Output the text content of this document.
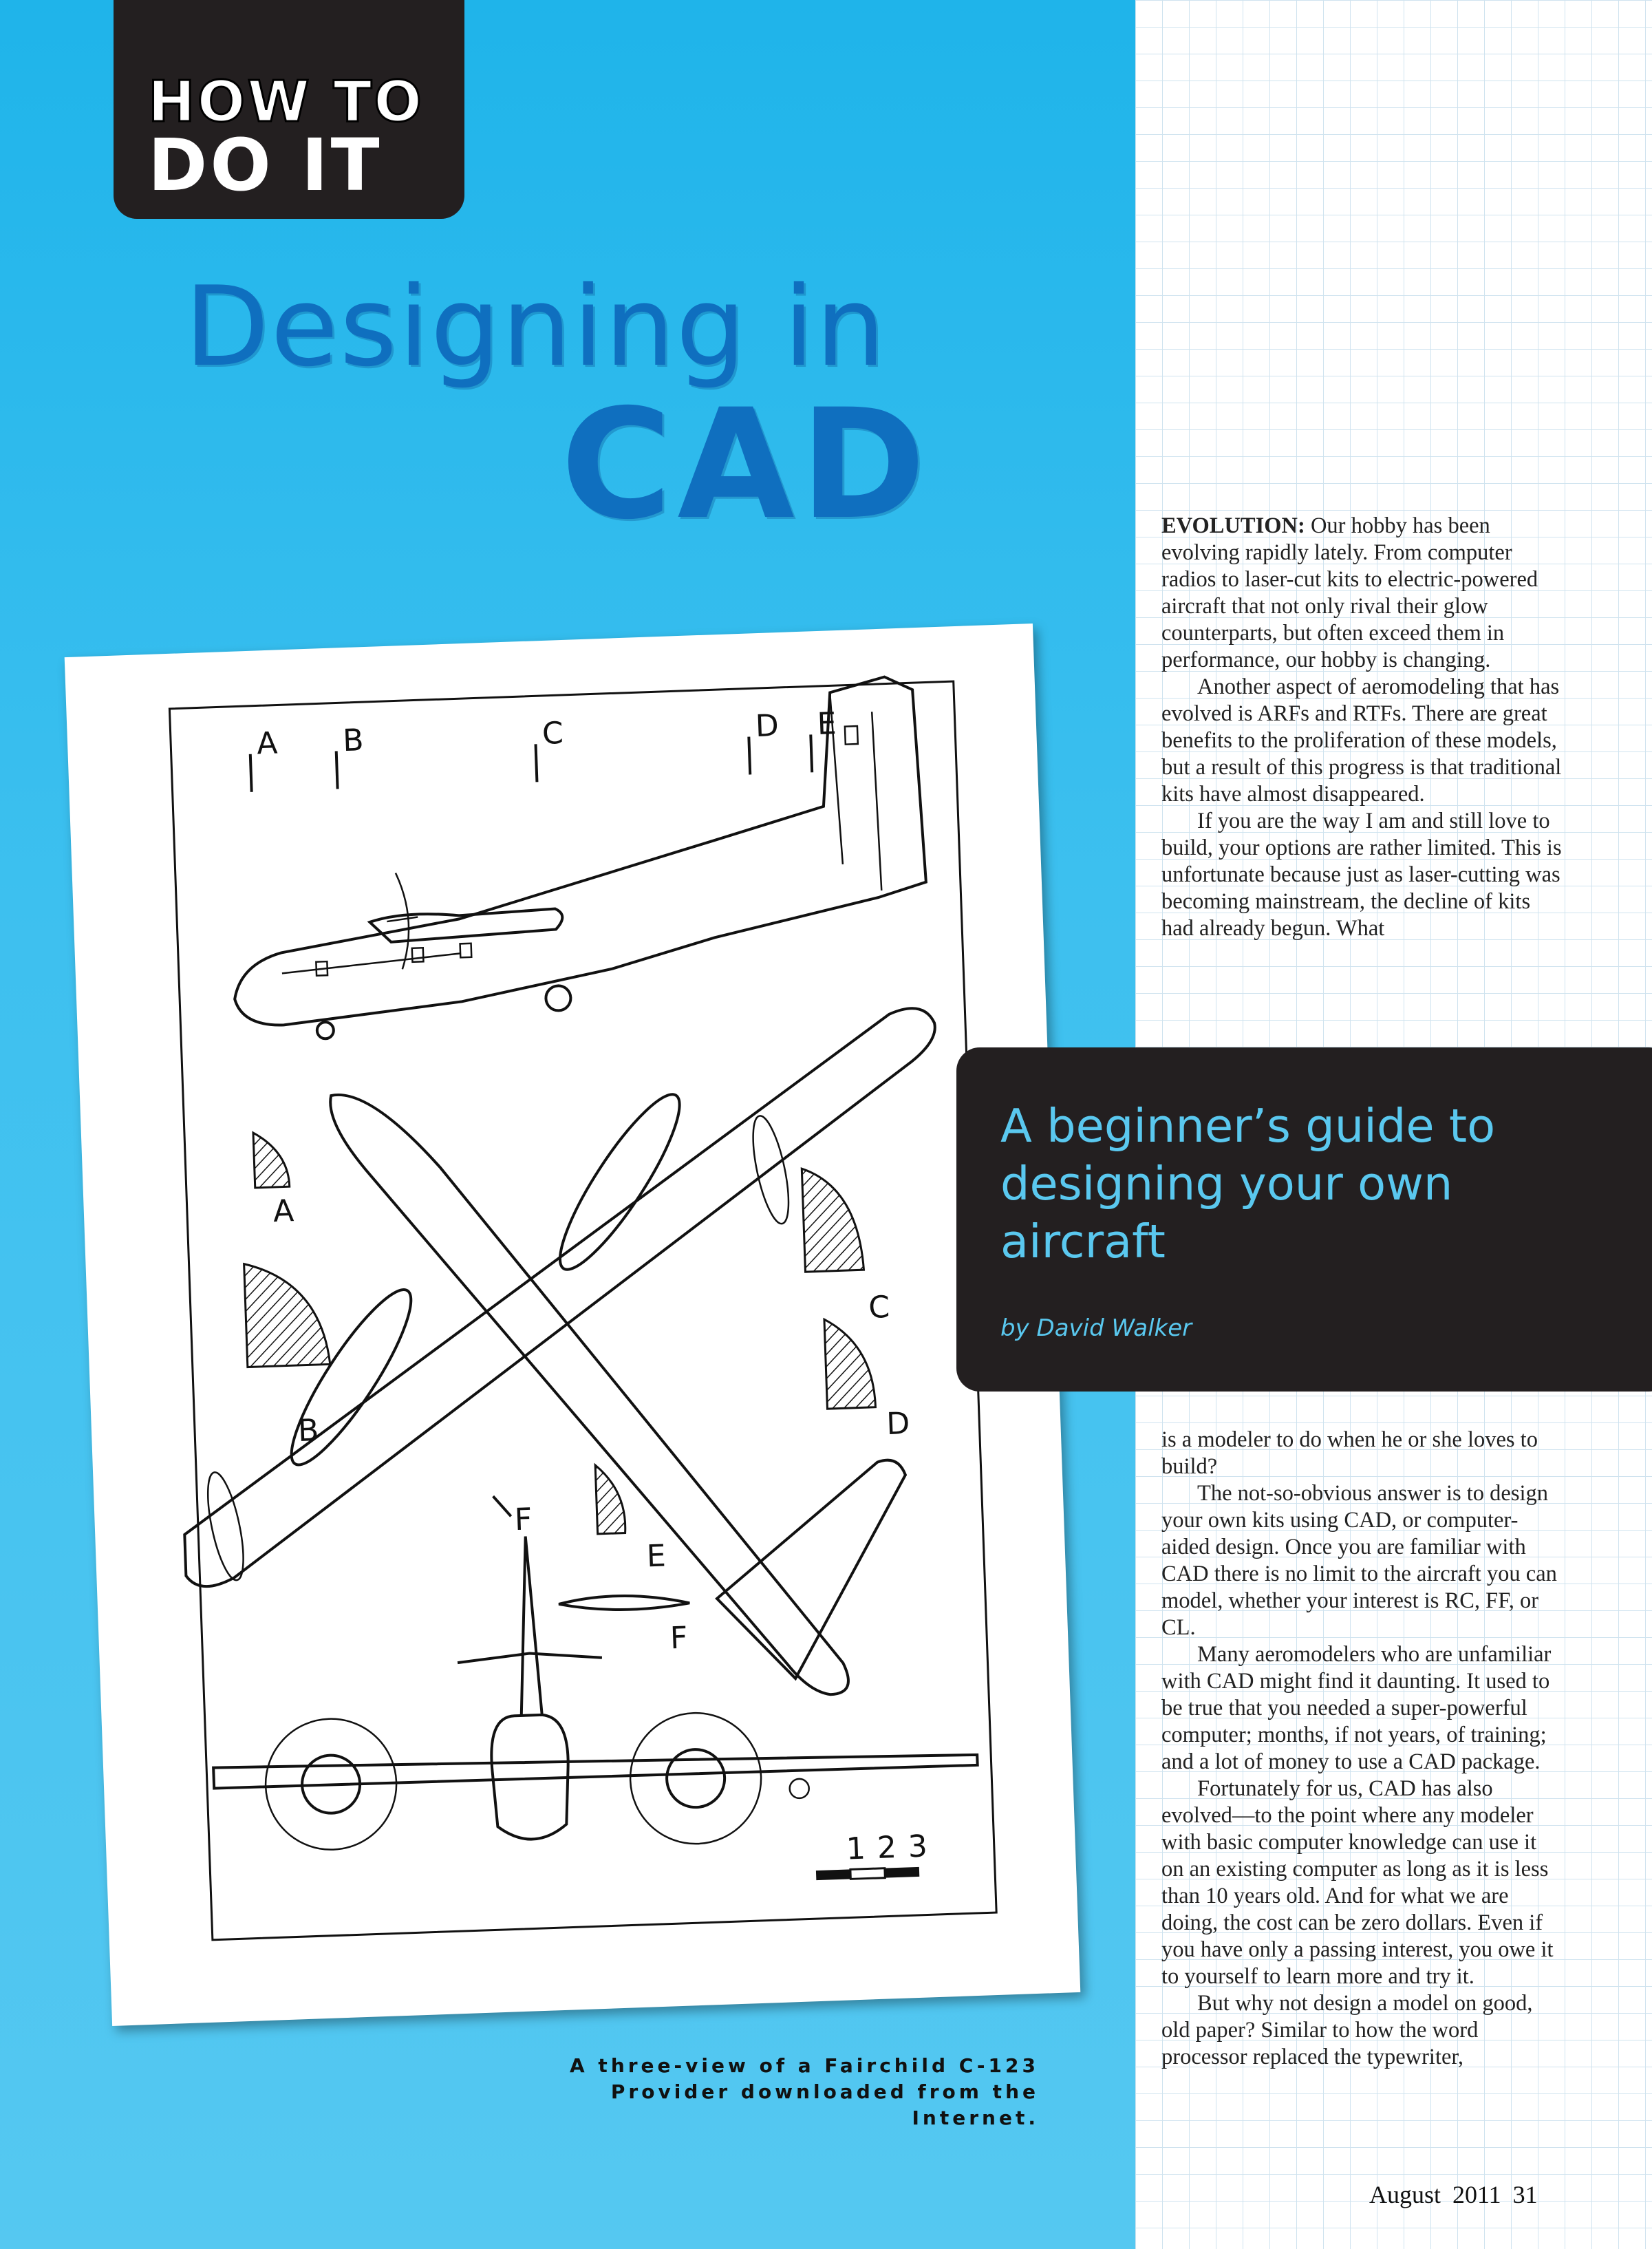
HOW TO
DO IT
Designing in
CAD
A B	C	D E
A
B
C
D
E
F
F
1 2 3
A three-view of a Fairchild C-123 Provider downloaded from the Internet.

EVOLUTION: Our hobby has been evolving rapidly lately. From computer radios to laser-cut kits to electric-powered aircraft that not only rival their glow counterparts, but often exceed them in performance, our hobby is changing.

Another aspect of aeromodeling that has evolved is ARFs and RTFs. There are great benefits to the proliferation of these models, but a result of this progress is that traditional kits have almost disappeared.

If you are the way I am and still love to build, your options are rather limited. This is unfortunate because just as laser-cutting was becoming mainstream, the decline of kits had already begun. What

A beginner’s guide to designing your own aircraft
by David Walker

is a modeler to do when he or she loves to build?

The not-so-obvious answer is to design your own kits using CAD, or computer-aided design. Once you are familiar with CAD there is no limit to the aircraft you can model, whether your interest is RC, FF, or CL.

Many aeromodelers who are unfamiliar with CAD might find it daunting. It used to be true that you needed a super-powerful computer; months, if not years, of training; and a lot of money to use a CAD package.

Fortunately for us, CAD has also evolved—to the point where any modeler with basic computer knowledge can use it on an existing computer as long as it is less than 10 years old. And for what we are doing, the cost can be zero dollars. Even if you have only a passing interest, you owe it to yourself to learn more and try it.

But why not design a model on good, old paper? Similar to how the word processor replaced the typewriter,

August 2011 31
